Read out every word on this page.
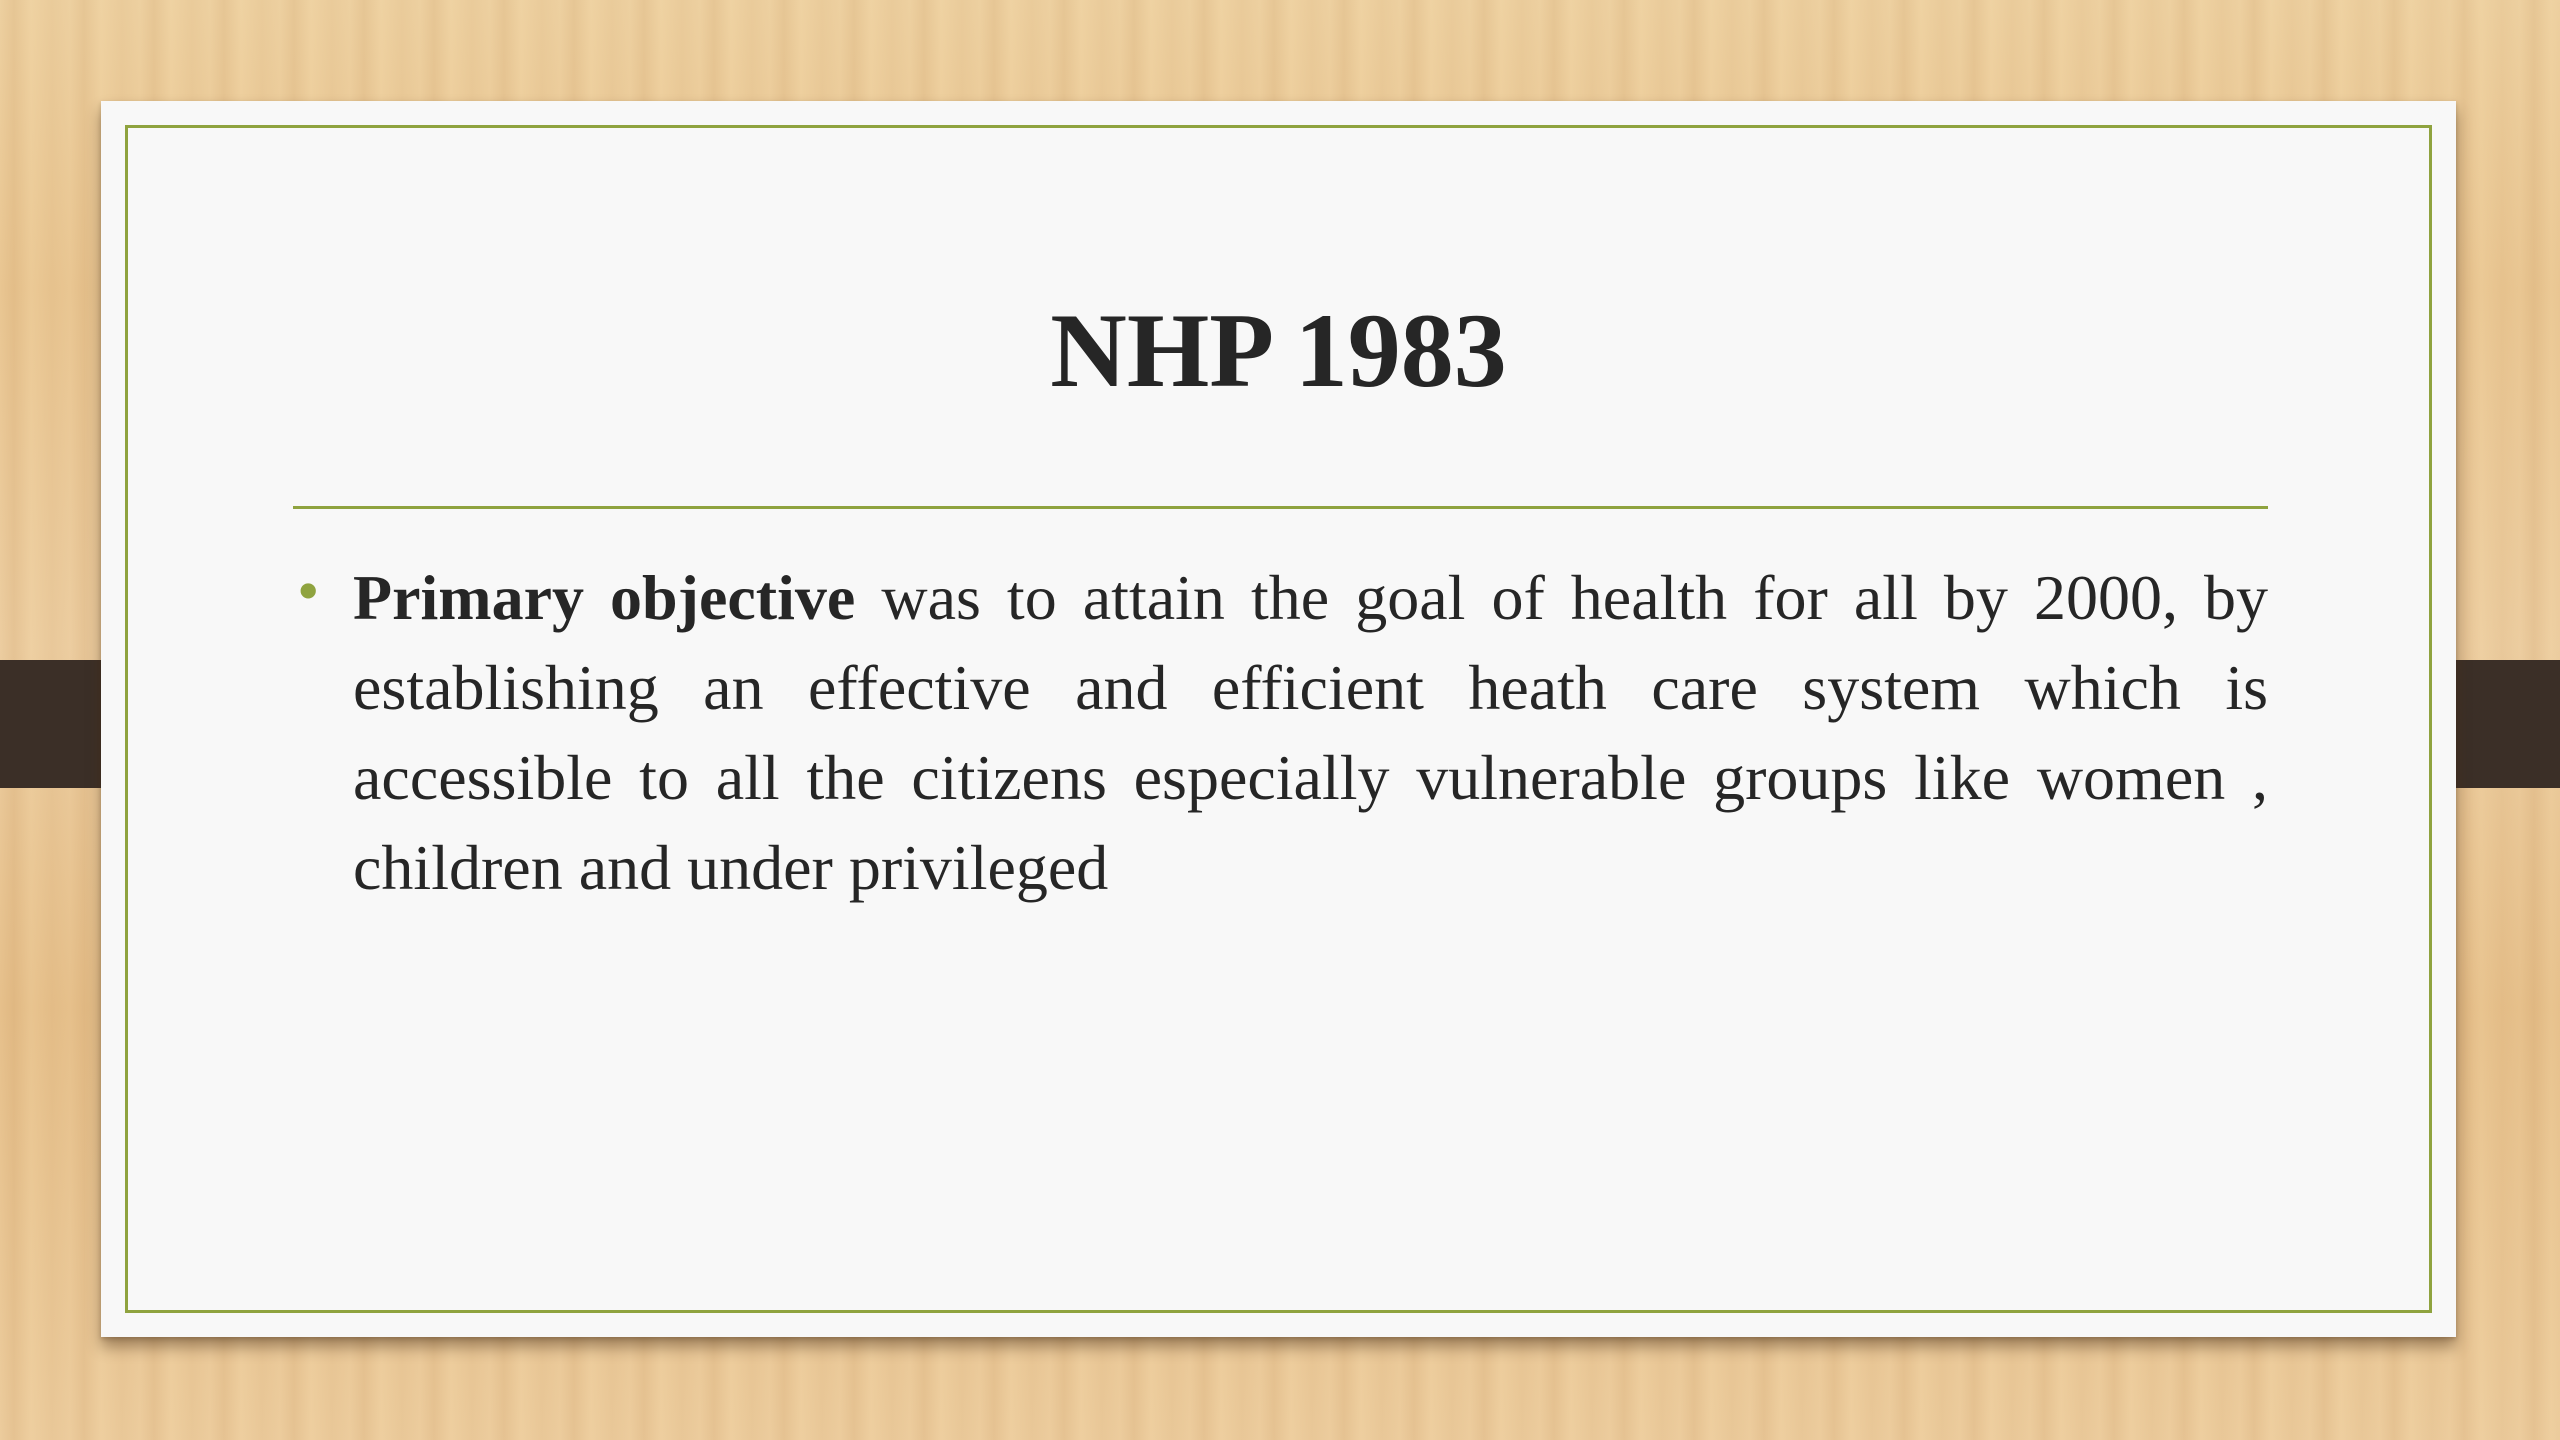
NHP 1983
• Primary objective was to attain the goal of health for all by 2000, by establishing an effective and efficient heath care system which is accessible to all the citizens especially vulnerable groups like women , children and under privileged
